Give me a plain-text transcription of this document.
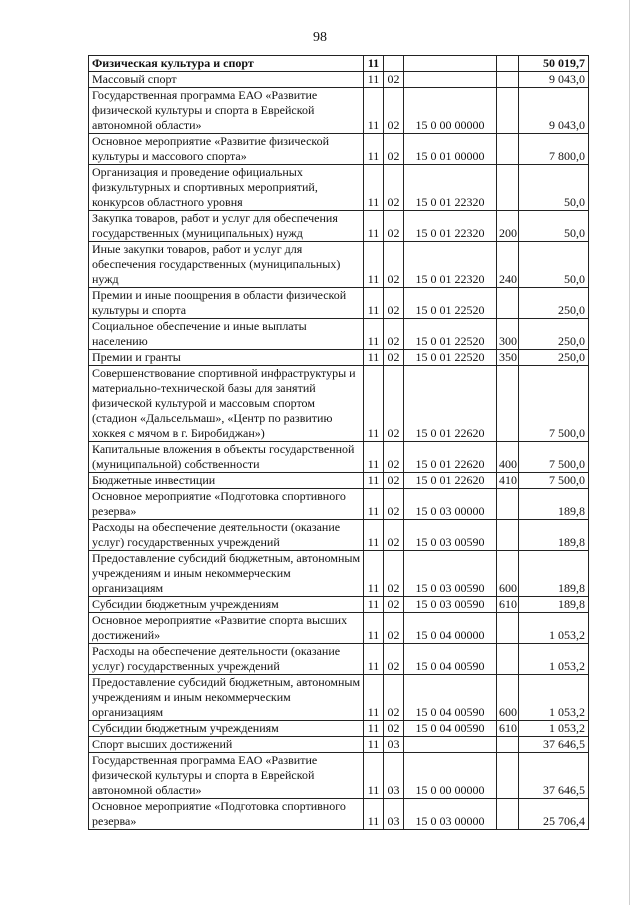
98
Физическая культура и спорт	11				50 019,7
Массовый спорт	11	02			9 043,0
Государственная программа ЕАО «Развитие физической культуры и спорта в Еврейской автономной области»	11	02	15 0 00 00000		9 043,0
Основное мероприятие «Развитие физической культуры и массового спорта»	11	02	15 0 01 00000		7 800,0
Организация и проведение официальных физкультурных и спортивных мероприятий, конкурсов областного уровня	11	02	15 0 01 22320		50,0
Закупка товаров, работ и услуг для обеспечения государственных (муниципальных) нужд	11	02	15 0 01 22320	200	50,0
Иные закупки товаров, работ и услуг для обеспечения государственных (муниципальных) нужд	11	02	15 0 01 22320	240	50,0
Премии и иные поощрения в области физической культуры и спорта	11	02	15 0 01 22520		250,0
Социальное обеспечение и иные выплаты населению	11	02	15 0 01 22520	300	250,0
Премии и гранты	11	02	15 0 01 22520	350	250,0
Совершенствование спортивной инфраструктуры и материально-технической базы для занятий физической культурой и массовым спортом (стадион «Дальсельмаш», «Центр по развитию хоккея с мячом в г. Биробиджан»)	11	02	15 0 01 22620		7 500,0
Капитальные вложения в объекты государственной (муниципальной) собственности	11	02	15 0 01 22620	400	7 500,0
Бюджетные инвестиции	11	02	15 0 01 22620	410	7 500,0
Основное мероприятие «Подготовка спортивного резерва»	11	02	15 0 03 00000		189,8
Расходы на обеспечение деятельности (оказание услуг) государственных учреждений	11	02	15 0 03 00590		189,8
Предоставление субсидий бюджетным, автономным учреждениям и иным некоммерческим организациям	11	02	15 0 03 00590	600	189,8
Субсидии бюджетным учреждениям	11	02	15 0 03 00590	610	189,8
Основное мероприятие «Развитие спорта высших достижений»	11	02	15 0 04 00000		1 053,2
Расходы на обеспечение деятельности (оказание услуг) государственных учреждений	11	02	15 0 04 00590		1 053,2
Предоставление субсидий бюджетным, автономным учреждениям и иным некоммерческим организациям	11	02	15 0 04 00590	600	1 053,2
Субсидии бюджетным учреждениям	11	02	15 0 04 00590	610	1 053,2
Спорт высших достижений	11	03			37 646,5
Государственная программа ЕАО «Развитие физической культуры и спорта в Еврейской автономной области»	11	03	15 0 00 00000		37 646,5
Основное мероприятие «Подготовка спортивного резерва»	11	03	15 0 03 00000		25 706,4
